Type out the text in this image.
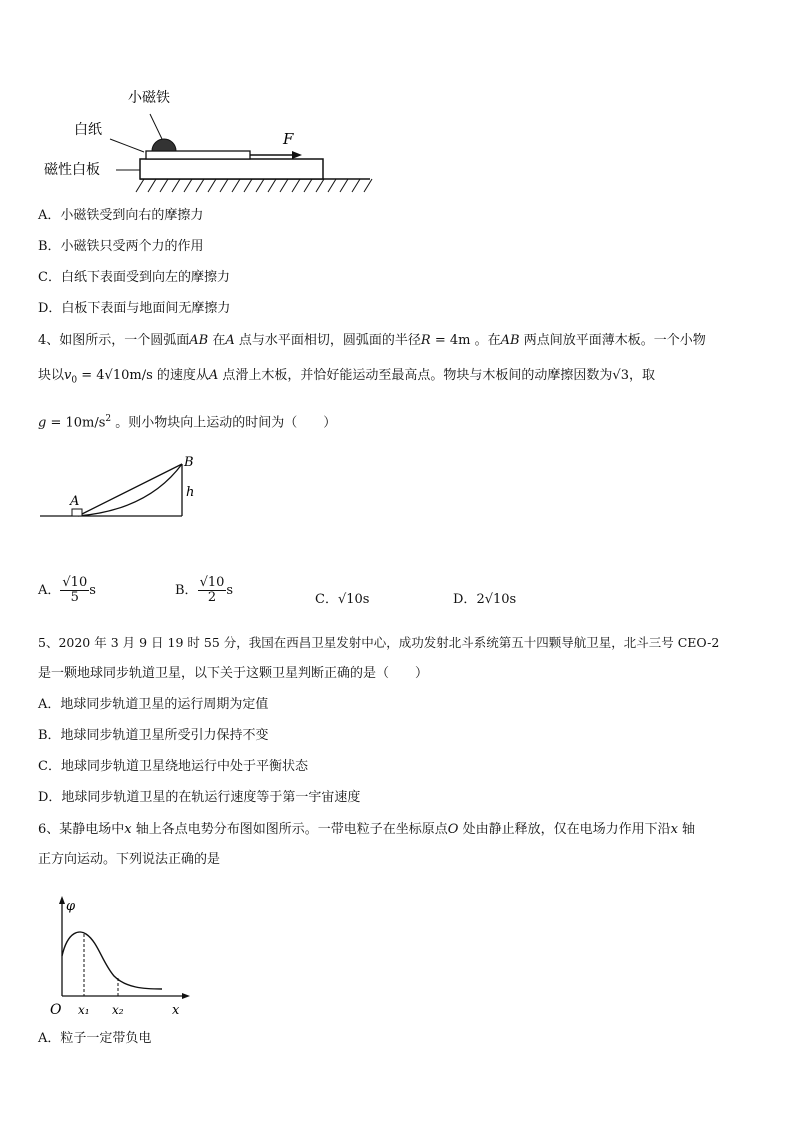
F
小磁铁
白纸
磁性白板
A．小磁铁受到向右的摩擦力
B．小磁铁只受两个力的作用
C．白纸下表面受到向左的摩擦力
D．白板下表面与地面间无摩擦力
4、如图所示，一个圆弧面AB 在A 点与水平面相切，圆弧面的半径R = 4m 。在AB 两点间放平面薄木板。一个小物
块以$v_0 = 4√10m/s$ 的速度从A 点滑上木板，并恰好能运动至最高点。物块与木板间的动摩擦因数为√3，取
$g = 10m/s^2$ 。则小物块向上运动的时间为（　　）
A
B
h
A． $\frac{√10}{5}$ s	B． $\frac{√10}{2}$ s
C．√10s	D．2√10s
5、2020 年 3 月 9 日 19 时 55 分，我国在西昌卫星发射中心，成功发射北斗系统第五十四颗导航卫星，北斗三号 CEO-2
是一颗地球同步轨道卫星，以下关于这颗卫星判断正确的是（　　）
A．地球同步轨道卫星的运行周期为定值
B．地球同步轨道卫星所受引力保持不变
C．地球同步轨道卫星绕地运行中处于平衡状态
D．地球同步轨道卫星的在轨运行速度等于第一宇宙速度
6、某静电场中x 轴上各点电势分布图如图所示。一带电粒子在坐标原点O 处由静止释放，仅在电场力作用下沿x 轴
正方向运动。下列说法正确的是
φ
O x₁ x₂	x
A．粒子一定带负电
